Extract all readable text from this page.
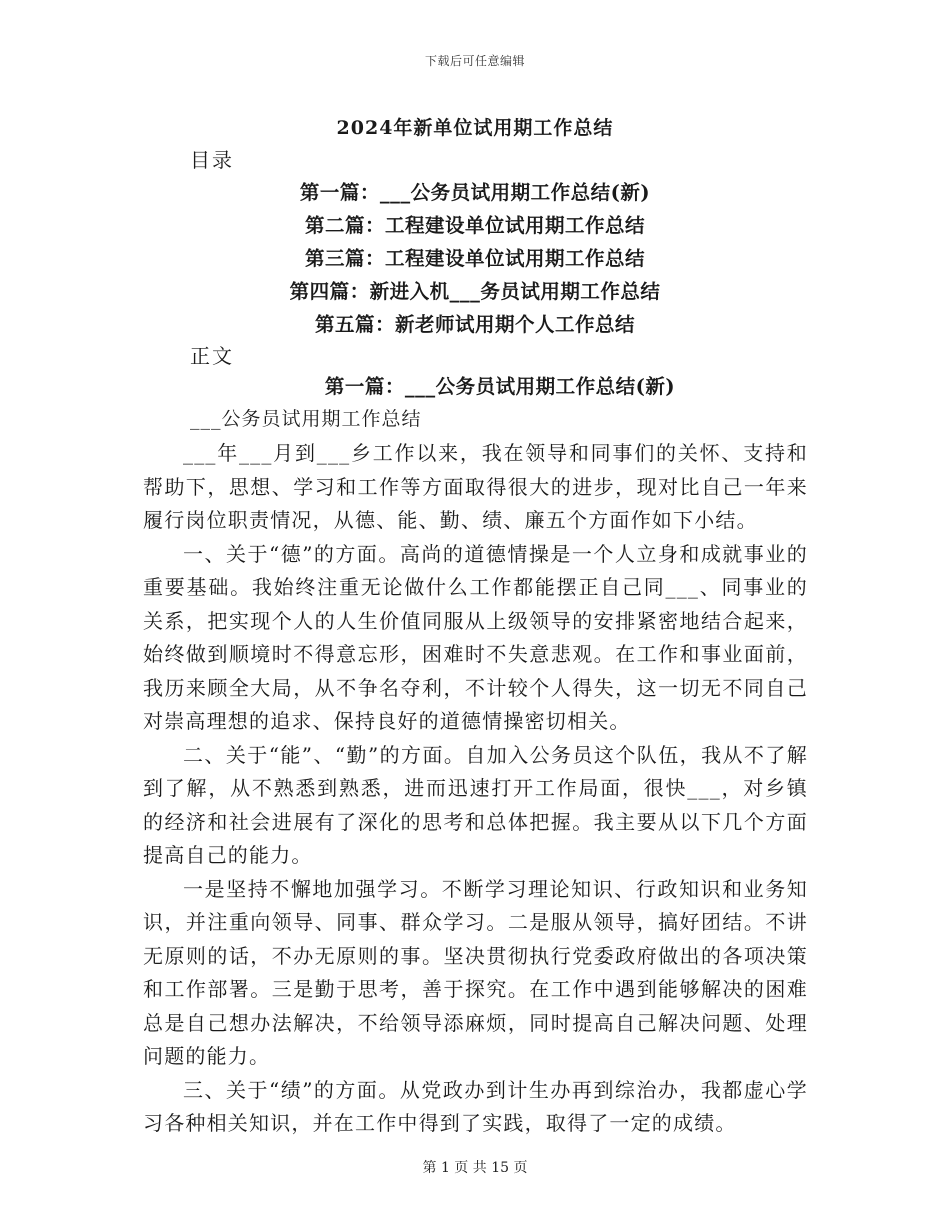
下载后可任意编辑
2024年新单位试用期工作总结
目录
第一篇：___公务员试用期工作总结(新)
第二篇：工程建设单位试用期工作总结
第三篇：工程建设单位试用期工作总结
第四篇：新进入机___务员试用期工作总结
第五篇：新老师试用期个人工作总结
正文
第一篇：___公务员试用期工作总结(新)
___公务员试用期工作总结

___年___月到___乡工作以来，我在领导和同事们的关怀、支持和帮助下，思想、学习和工作等方面取得很大的进步，现对比自己一年来履行岗位职责情况，从德、能、勤、绩、廉五个方面作如下小结。

一、关于“德”的方面。高尚的道德情操是一个人立身和成就事业的重要基础。我始终注重无论做什么工作都能摆正自己同___、同事业的关系，把实现个人的人生价值同服从上级领导的安排紧密地结合起来，始终做到顺境时不得意忘形，困难时不失意悲观。在工作和事业面前，我历来顾全大局，从不争名夺利，不计较个人得失，这一切无不同自己对崇高理想的追求、保持良好的道德情操密切相关。

二、关于“能”、“勤”的方面。自加入公务员这个队伍，我从不了解到了解，从不熟悉到熟悉，进而迅速打开工作局面，很快___，对乡镇的经济和社会进展有了深化的思考和总体把握。我主要从以下几个方面提高自己的能力。

一是坚持不懈地加强学习。不断学习理论知识、行政知识和业务知识，并注重向领导、同事、群众学习。二是服从领导，搞好团结。不讲无原则的话，不办无原则的事。坚决贯彻执行党委政府做出的各项决策和工作部署。三是勤于思考，善于探究。在工作中遇到能够解决的困难总是自己想办法解决，不给领导添麻烦，同时提高自己解决问题、处理问题的能力。

三、关于“绩”的方面。从党政办到计生办再到综治办，我都虚心学习各种相关知识，并在工作中得到了实践，取得了一定的成绩。

第 1 页 共 15 页
